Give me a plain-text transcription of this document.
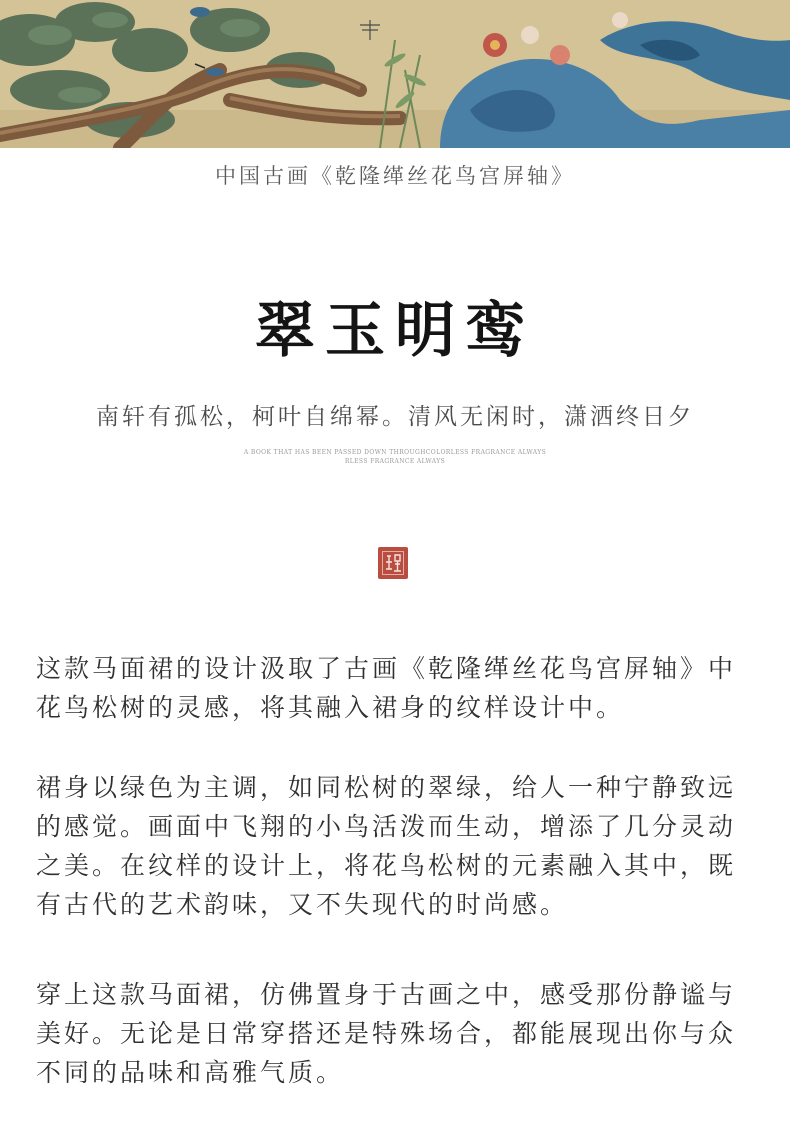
中国古画《乾隆缂丝花鸟宫屏轴》
翠玉明鸾
南轩有孤松，柯叶自绵幂。清风无闲时，潇洒终日夕
A BOOK THAT HAS BEEN PASSED DOWN THROUGHCOLORLESS FRAGRANCE ALWAYS
RLESS FRAGRANCE ALWAYS

这款马面裙的设计汲取了古画《乾隆缂丝花鸟宫屏轴》中花鸟松树的灵感，将其融入裙身的纹样设计中。

裙身以绿色为主调，如同松树的翠绿，给人一种宁静致远的感觉。画面中飞翔的小鸟活泼而生动，增添了几分灵动之美。在纹样的设计上，将花鸟松树的元素融入其中，既有古代的艺术韵味，又不失现代的时尚感。

穿上这款马面裙，仿佛置身于古画之中，感受那份静谧与美好。无论是日常穿搭还是特殊场合，都能展现出你与众不同的品味和高雅气质。
